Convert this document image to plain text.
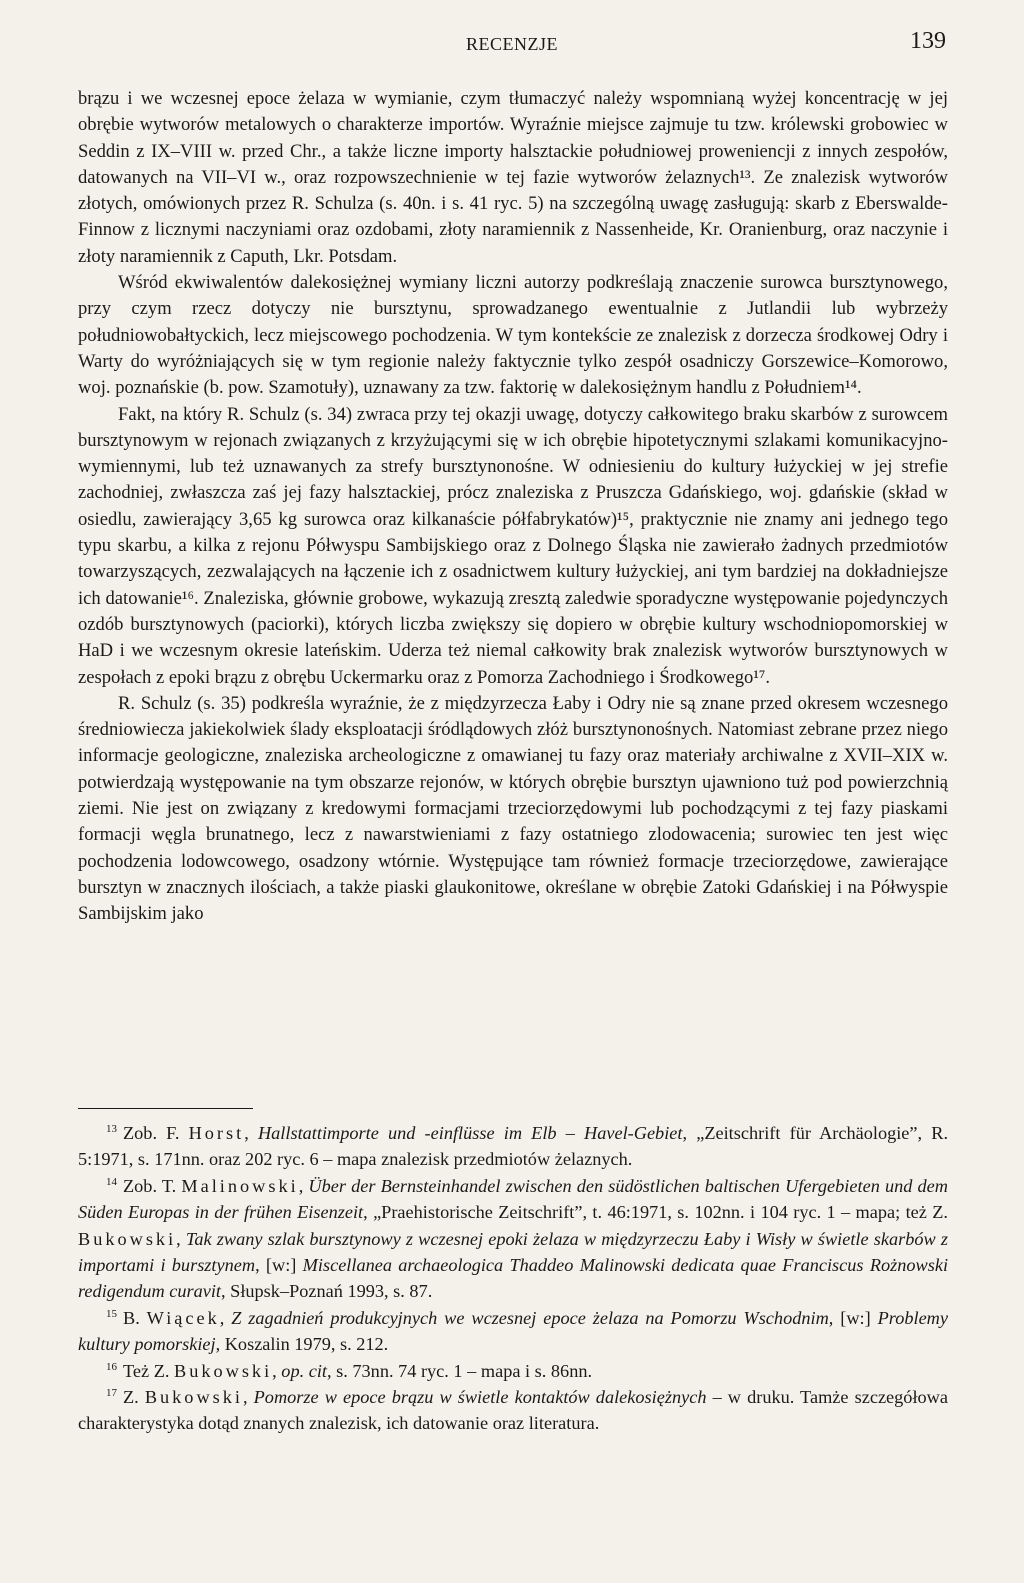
RECENZJE	139

brązu i we wczesnej epoce żelaza w wymianie, czym tłumaczyć należy wspomnianą wyżej koncentrację w jej obrębie wytworów metalowych o charakterze importów. Wyraźnie miejsce zajmuje tu tzw. królewski grobowiec w Seddin z IX–VIII w. przed Chr., a także liczne importy halsztackie południowej proweniencji z innych zespołów, datowanych na VII–VI w., oraz rozpowszechnienie w tej fazie wytworów żelaznych¹³. Ze znalezisk wytworów złotych, omówionych przez R. Schulza (s. 40n. i s. 41 ryc. 5) na szczególną uwagę zasługują: skarb z Eberswalde-Finnow z licznymi naczyniami oraz ozdobami, złoty naramiennik z Nassenheide, Kr. Oranienburg, oraz naczynie i złoty naramiennik z Caputh, Lkr. Potsdam.

Wśród ekwiwalentów dalekosiężnej wymiany liczni autorzy podkreślają znaczenie surowca bursztynowego, przy czym rzecz dotyczy nie bursztynu, sprowadzanego ewentualnie z Jutlandii lub wybrzeży południowobałtyckich, lecz miejscowego pochodzenia. W tym kontekście ze znalezisk z dorzecza środkowej Odry i Warty do wyróżniających się w tym regionie należy faktycznie tylko zespół osadniczy Gorszewice–Komorowo, woj. poznańskie (b. pow. Szamotuły), uznawany za tzw. faktorię w dalekosiężnym handlu z Południem¹⁴.

Fakt, na który R. Schulz (s. 34) zwraca przy tej okazji uwagę, dotyczy całkowitego braku skarbów z surowcem bursztynowym w rejonach związanych z krzyżującymi się w ich obrębie hipotetycznymi szlakami komunikacyjno-wymiennymi, lub też uznawanych za strefy bursztynonośne. W odniesieniu do kultury łużyckiej w jej strefie zachodniej, zwłaszcza zaś jej fazy halsztackiej, prócz znaleziska z Pruszcza Gdańskiego, woj. gdańskie (skład w osiedlu, zawierający 3,65 kg surowca oraz kilkanaście półfabrykatów)¹⁵, praktycznie nie znamy ani jednego tego typu skarbu, a kilka z rejonu Półwyspu Sambijskiego oraz z Dolnego Śląska nie zawierało żadnych przedmiotów towarzyszących, zezwalających na łączenie ich z osadnictwem kultury łużyckiej, ani tym bardziej na dokładniejsze ich datowanie¹⁶. Znaleziska, głównie grobowe, wykazują zresztą zaledwie sporadyczne występowanie pojedynczych ozdób bursztynowych (paciorki), których liczba zwiększy się dopiero w obrębie kultury wschodniopomorskiej w HaD i we wczesnym okresie lateńskim. Uderza też niemal całkowity brak znalezisk wytworów bursztynowych w zespołach z epoki brązu z obrębu Uckermarku oraz z Pomorza Zachodniego i Środkowego¹⁷.

R. Schulz (s. 35) podkreśla wyraźnie, że z międzyrzecza Łaby i Odry nie są znane przed okresem wczesnego średniowiecza jakiekolwiek ślady eksploatacji śródlądowych złóż bursztynonośnych. Natomiast zebrane przez niego informacje geologiczne, znaleziska archeologiczne z omawianej tu fazy oraz materiały archiwalne z XVII–XIX w. potwierdzają występowanie na tym obszarze rejonów, w których obrębie bursztyn ujawniono tuż pod powierzchnią ziemi. Nie jest on związany z kredowymi formacjami trzeciorzędowymi lub pochodzącymi z tej fazy piaskami formacji węgla brunatnego, lecz z nawarstwieniami z fazy ostatniego zlodowacenia; surowiec ten jest więc pochodzenia lodowcowego, osadzony wtórnie. Występujące tam również formacje trzeciorzędowe, zawierające bursztyn w znacznych ilościach, a także piaski glaukonitowe, określane w obrębie Zatoki Gdańskiej i na Półwyspie Sambijskim jako

$^{13}$ Zob. F. Horst, Hallstattimporte und -einflüsse im Elb – Havel-Gebiet, „Zeitschrift für Archäologie”, R. 5:1971, s. 171nn. oraz 202 ryc. 6 – mapa znalezisk przedmiotów żelaznych.

$^{14}$ Zob. T. Malinowski, Über der Bernsteinhandel zwischen den südöstlichen baltischen Ufergebieten und dem Süden Europas in der frühen Eisenzeit, „Praehistorische Zeitschrift”, t. 46:1971, s. 102nn. i 104 ryc. 1 – mapa; też Z. Bukowski, Tak zwany szlak bursztynowy z wczesnej epoki żelaza w międzyrzeczu Łaby i Wisły w świetle skarbów z importami i bursztynem, [w:] Miscellanea archaeologica Thaddeo Malinowski dedicata quae Franciscus Rożnowski redigendum curavit, Słupsk–Poznań 1993, s. 87.

$^{15}$ B. Wiącek, Z zagadnień produkcyjnych we wczesnej epoce żelaza na Pomorzu Wschodnim, [w:] Problemy kultury pomorskiej, Koszalin 1979, s. 212.

$^{16}$ Też Z. Bukowski, op. cit, s. 73nn. 74 ryc. 1 – mapa i s. 86nn.

$^{17}$ Z. Bukowski, Pomorze w epoce brązu w świetle kontaktów dalekosiężnych – w druku. Tamże szczegółowa charakterystyka dotąd znanych znalezisk, ich datowanie oraz literatura.
